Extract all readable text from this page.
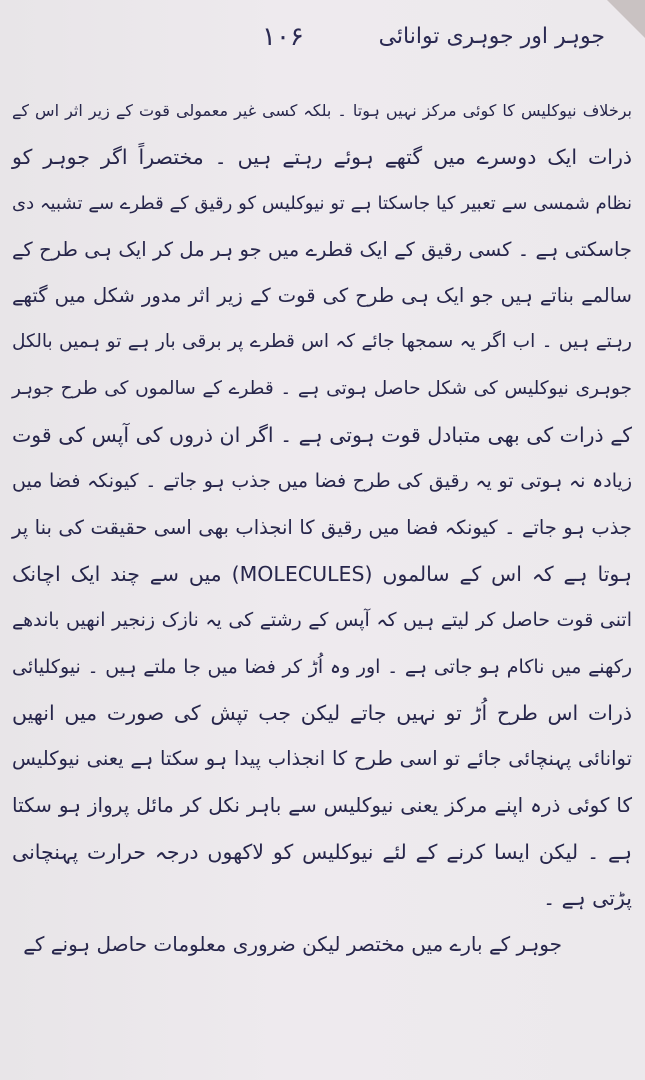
۱۰۶	جوہر اور جوہری توانائی
برخلاف نیوکلیس کا کوئی مرکز نہیں ہوتا ۔ بلکہ کسی غیر معمولی قوت کے زیر اثر اس کے
ذرات ایک دوسرے میں گتھے ہوئے رہتے ہیں ۔ مختصراً اگر جوہر کو
نظام شمسی سے تعبیر کیا جاسکتا ہے تو نیوکلیس کو رقیق کے قطرے سے تشبیہ دی
جاسکتی ہے ۔ کسی رقیق کے ایک قطرے میں جو ہر مل کر ایک ہی طرح کے
سالمے بناتے ہیں جو ایک ہی طرح کی قوت کے زیر اثر مدور شکل میں گتھے
رہتے ہیں ۔ اب اگر یہ سمجھا جائے کہ اس قطرے پر برقی بار ہے تو ہمیں بالکل
جوہری نیوکلیس کی شکل حاصل ہوتی ہے ۔ قطرے کے سالموں کی طرح جوہر
کے ذرات کی بھی متبادل قوت ہوتی ہے ۔ اگر ان ذروں کی آپس کی قوت
زیادہ نہ ہوتی تو یہ رقیق کی طرح فضا میں جذب ہو جاتے ۔ کیونکہ فضا میں
جذب ہو جاتے ۔ کیونکہ فضا میں رقیق کا انجذاب بھی اسی حقیقت کی بنا پر
ہوتا ہے کہ اس کے سالموں (MOLECULES) میں سے چند ایک اچانک
اتنی قوت حاصل کر لیتے ہیں کہ آپس کے رشتے کی یہ نازک زنجیر انھیں باندھے
رکھنے میں ناکام ہو جاتی ہے ۔ اور وہ اُڑ کر فضا میں جا ملتے ہیں ۔ نیوکلیائی
ذرات اس طرح اُڑ تو نہیں جاتے لیکن جب تپش کی صورت میں انھیں
توانائی پہنچائی جائے تو اسی طرح کا انجذاب پیدا ہو سکتا ہے یعنی نیوکلیس
کا کوئی ذرہ اپنے مرکز یعنی نیوکلیس سے باہر نکل کر مائل پرواز ہو سکتا
ہے ۔ لیکن ایسا کرنے کے لئے نیوکلیس کو لاکھوں درجہ حرارت پہنچانی
پڑتی ہے ۔
جوہر کے بارے میں مختصر لیکن ضروری معلومات حاصل ہونے کے
